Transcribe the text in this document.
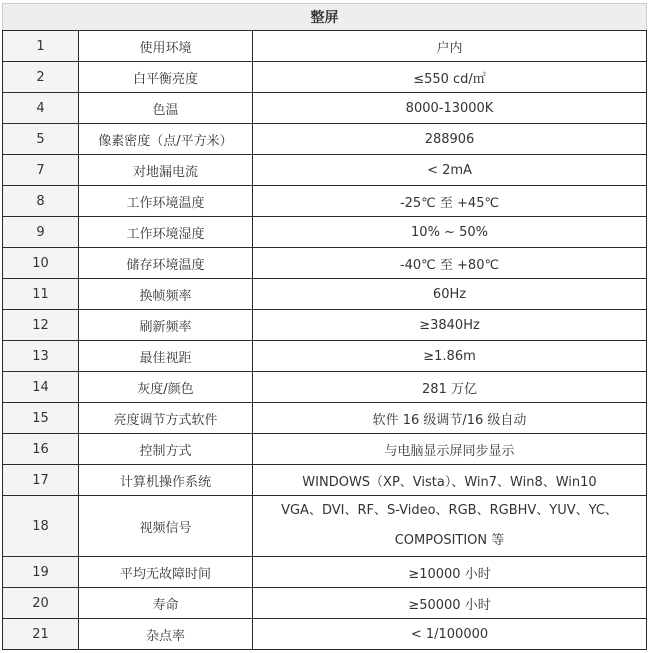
整屏		
1	使用环境	户内
2	白平衡亮度	≤550 cd/㎡
4	色温	8000-13000K
5	像素密度（点/平方米）	288906
7	对地漏电流	< 2mA
8	工作环境温度	-25℃ 至 +45℃
9	工作环境湿度	10% ~ 50%
10	储存环境温度	-40℃ 至 +80℃
11	换帧频率	60Hz
12	刷新频率	≥3840Hz
13	最佳视距	≥1.86m
14	灰度/颜色	281 万亿
15	亮度调节方式软件	软件 16 级调节/16 级自动
16	控制方式	与电脑显示屏同步显示
17	计算机操作系统	WINDOWS（XP、Vista）、Win7、Win8、Win10
18	视频信号	VGA、DVI、RF、S-Video、RGB、RGBHV、YUV、YC、
COMPOSITION 等

19	平均无故障时间	≥10000 小时
20	寿命	≥50000 小时
21	杂点率	< 1/100000
